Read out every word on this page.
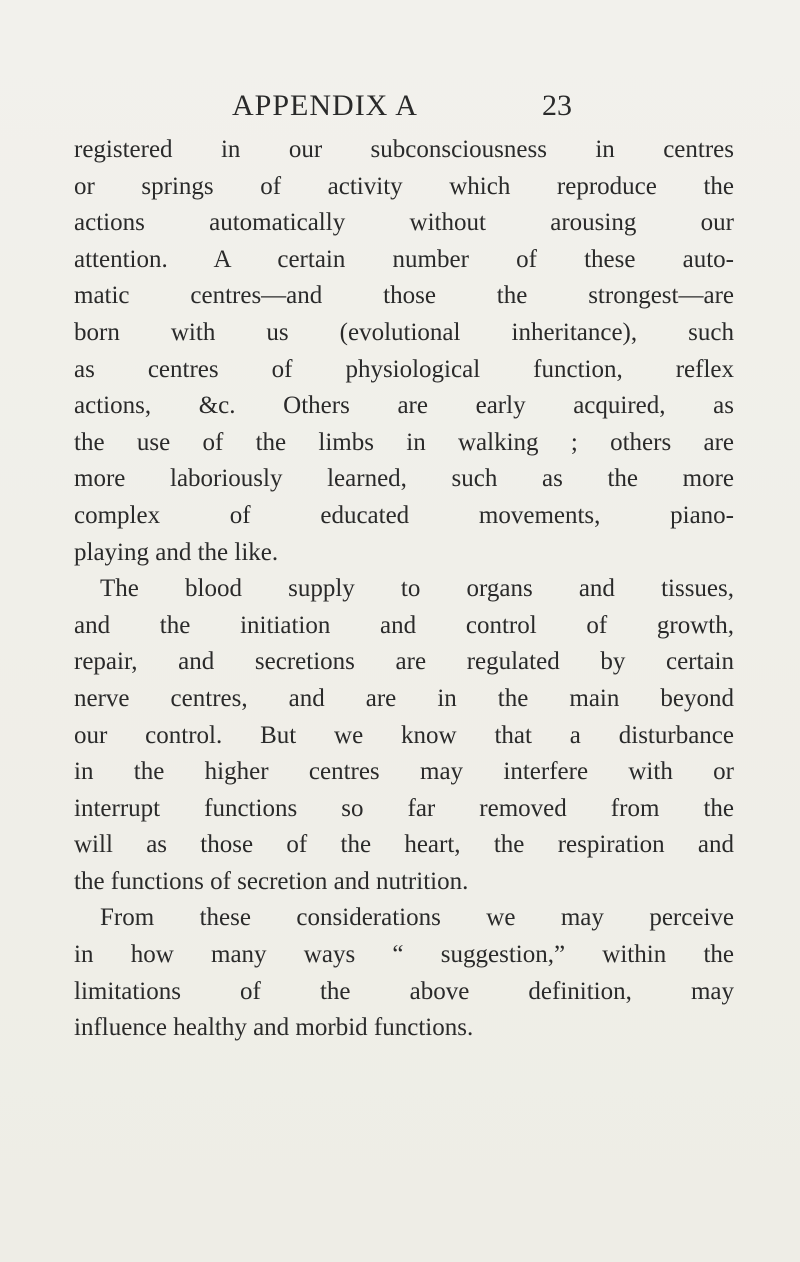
APPENDIX A	23
registered in our subconsciousness in centres
or springs of activity which reproduce the
actions automatically without arousing our
attention. A certain number of these auto-
matic centres—and those the strongest—are
born with us (evolutional inheritance), such
as centres of physiological function, reflex
actions, &c. Others are early acquired, as
the use of the limbs in walking ; others are
more laboriously learned, such as the more
complex of educated movements, piano-
playing and the like.
The blood supply to organs and tissues,
and the initiation and control of growth,
repair, and secretions are regulated by certain
nerve centres, and are in the main beyond
our control. But we know that a disturbance
in the higher centres may interfere with or
interrupt functions so far removed from the
will as those of the heart, the respiration and
the functions of secretion and nutrition.
From these considerations we may perceive
in how many ways “ suggestion,” within the
limitations of the above definition, may
influence healthy and morbid functions.
